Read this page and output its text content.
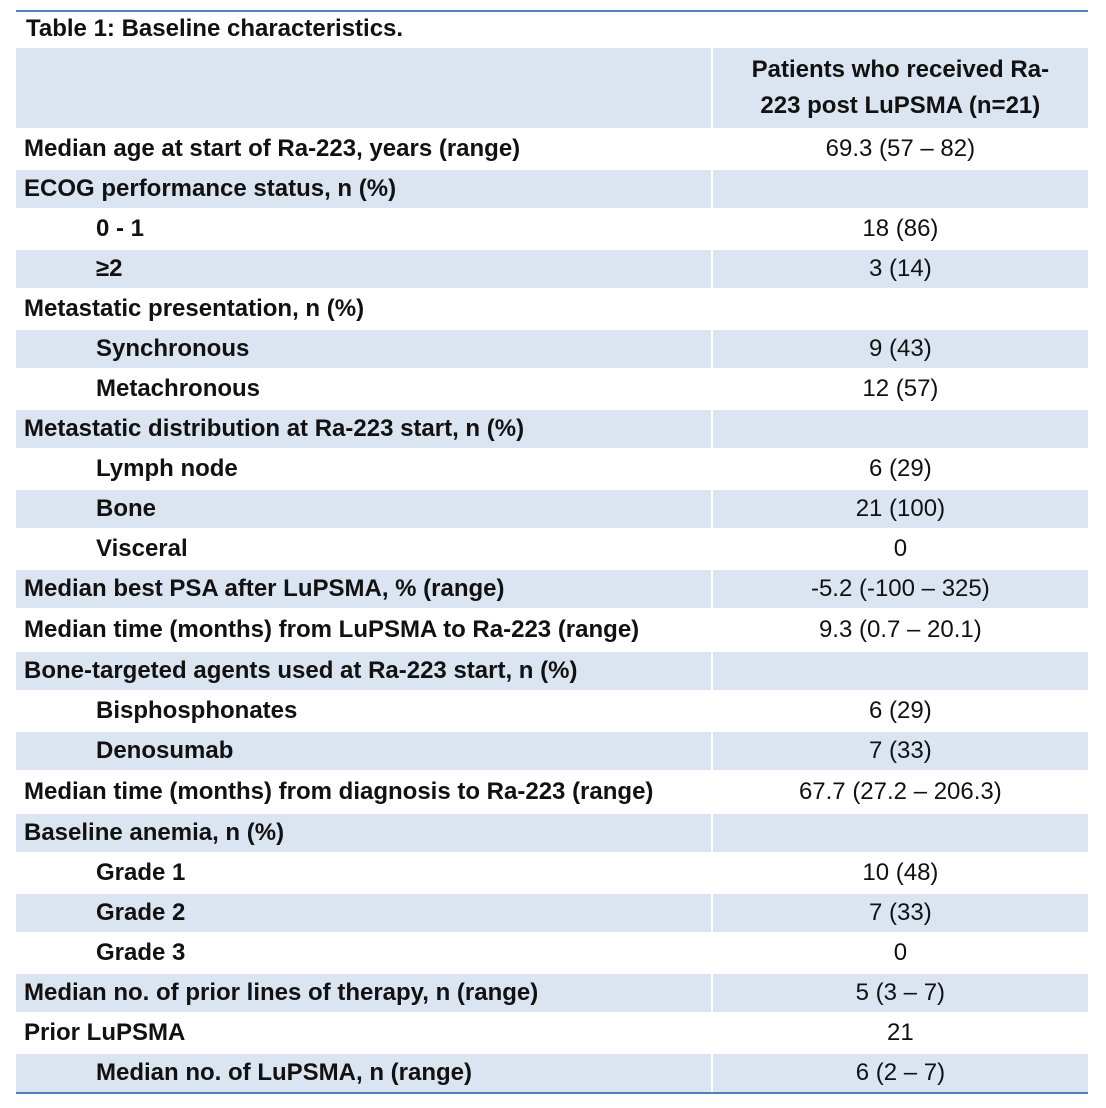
Table 1: Baseline characteristics.
Patients who received Ra-
223 post LuPSMA (n=21)
Median age at start of Ra-223, years (range)	69.3 (57 – 82)
ECOG performance status, n (%)
0 - 1	18 (86)
≥2	3 (14)
Metastatic presentation, n (%)
Synchronous	9 (43)
Metachronous	12 (57)
Metastatic distribution at Ra-223 start, n (%)
Lymph node	6 (29)
Bone	21 (100)
Visceral	0
Median best PSA after LuPSMA, % (range)	-5.2 (-100 – 325)
Median time (months) from LuPSMA to Ra-223 (range)	9.3 (0.7 – 20.1)
Bone-targeted agents used at Ra-223 start, n (%)
Bisphosphonates	6 (29)
Denosumab	7 (33)
Median time (months) from diagnosis to Ra-223 (range)	67.7 (27.2 – 206.3)
Baseline anemia, n (%)
Grade 1	10 (48)
Grade 2	7 (33)
Grade 3	0
Median no. of prior lines of therapy, n (range)	5 (3 – 7)
Prior LuPSMA	21
Median no. of LuPSMA, n (range)	6 (2 – 7)
